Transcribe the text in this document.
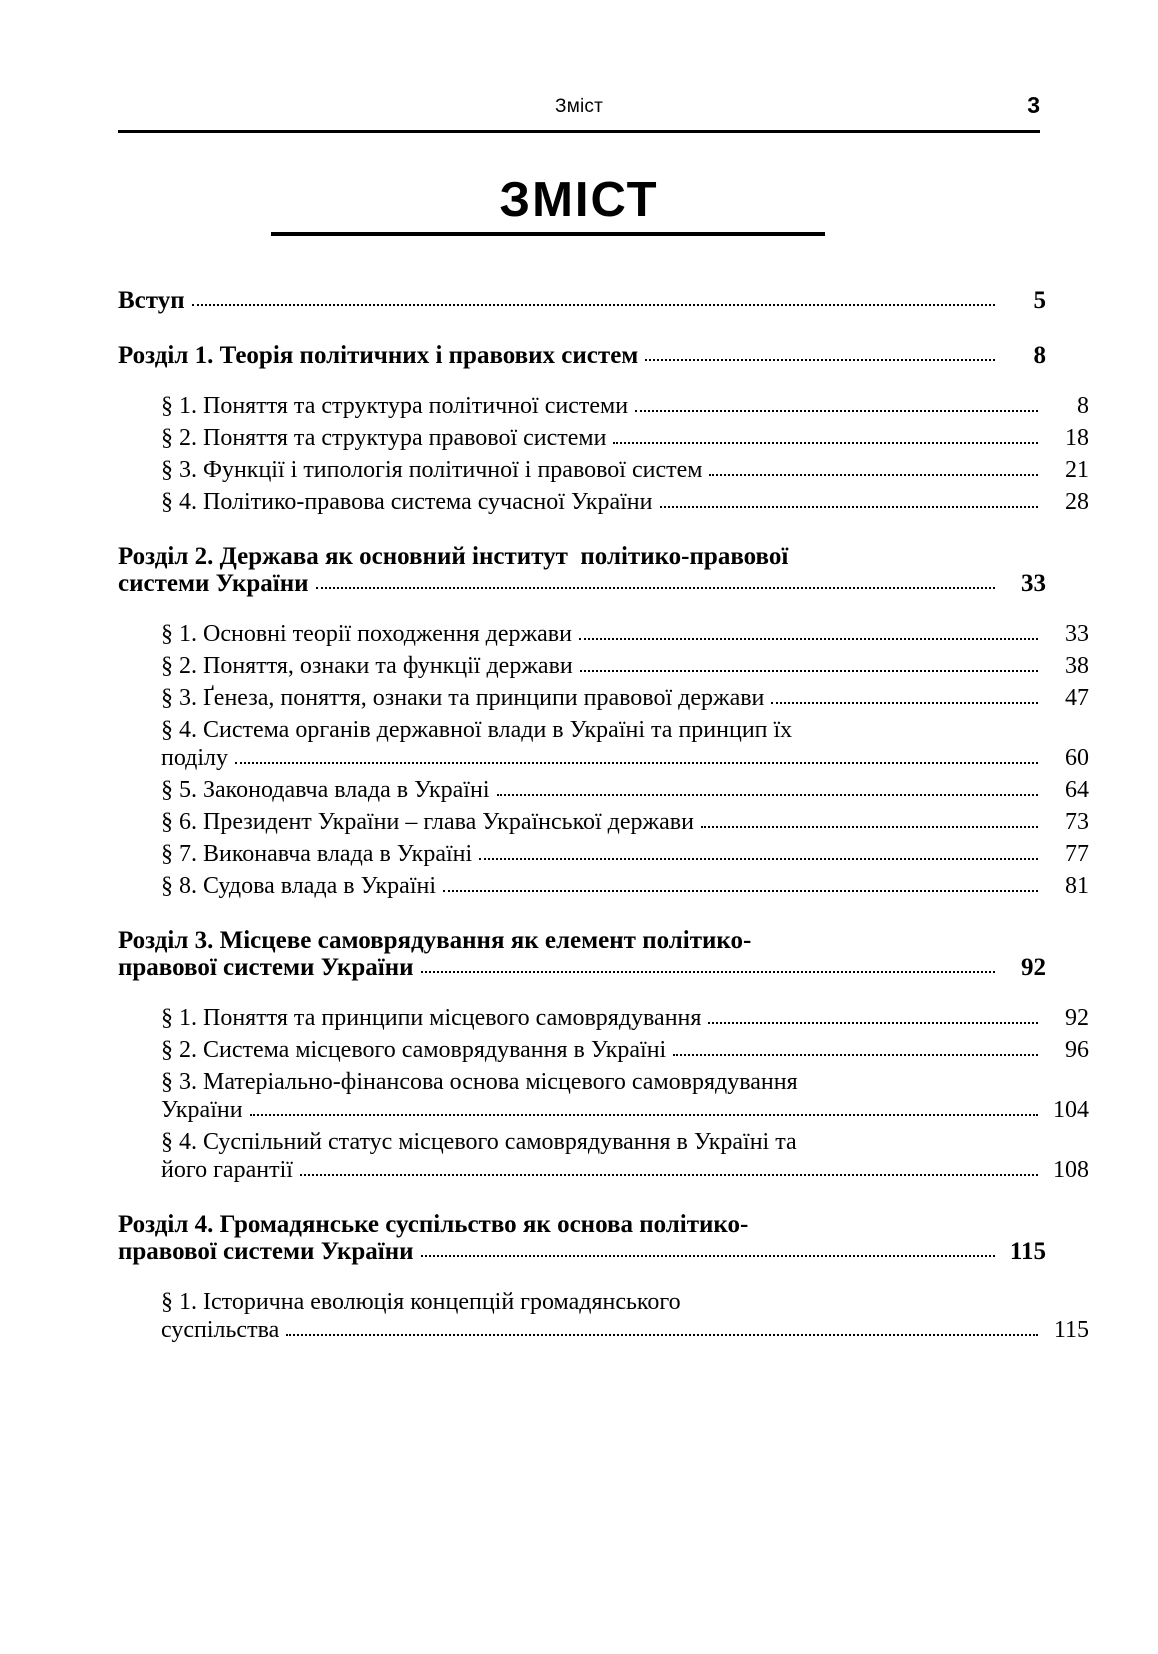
Зміст	3
ЗМІСТ
Вступ	5
Розділ 1. Теорія політичних і правових систем	8
§ 1. Поняття та структура політичної системи	8
§ 2. Поняття та структура правової системи	18
§ 3. Функції і типологія політичної і правової систем	21
§ 4. Політико-правова система сучасної України	28
Розділ 2. Держава як основний інститут  політико-правової
системи України	33
§ 1. Основні теорії походження держави	33
§ 2. Поняття, ознаки та функції держави	38
§ 3. Ґенеза, поняття, ознаки та принципи правової держави	47
§ 4. Система органів державної влади в Україні та принцип їх
поділу	60
§ 5. Законодавча влада в Україні	64
§ 6. Президент України – глава Української держави	73
§ 7. Виконавча влада в Україні	77
§ 8. Судова влада в Україні	81
Розділ 3. Місцеве самоврядування як елемент політико-
правової системи України	92
§ 1. Поняття та принципи місцевого самоврядування	92
§ 2. Система місцевого самоврядування в Україні	96
§ 3. Матеріально-фінансова основа місцевого самоврядування
України	104
§ 4. Суспільний статус місцевого самоврядування в Україні та
його гарантії	108
Розділ 4. Громадянське суспільство як основа політико-
правової системи України	115
§ 1. Історична еволюція концепцій громадянського
суспільства	115
